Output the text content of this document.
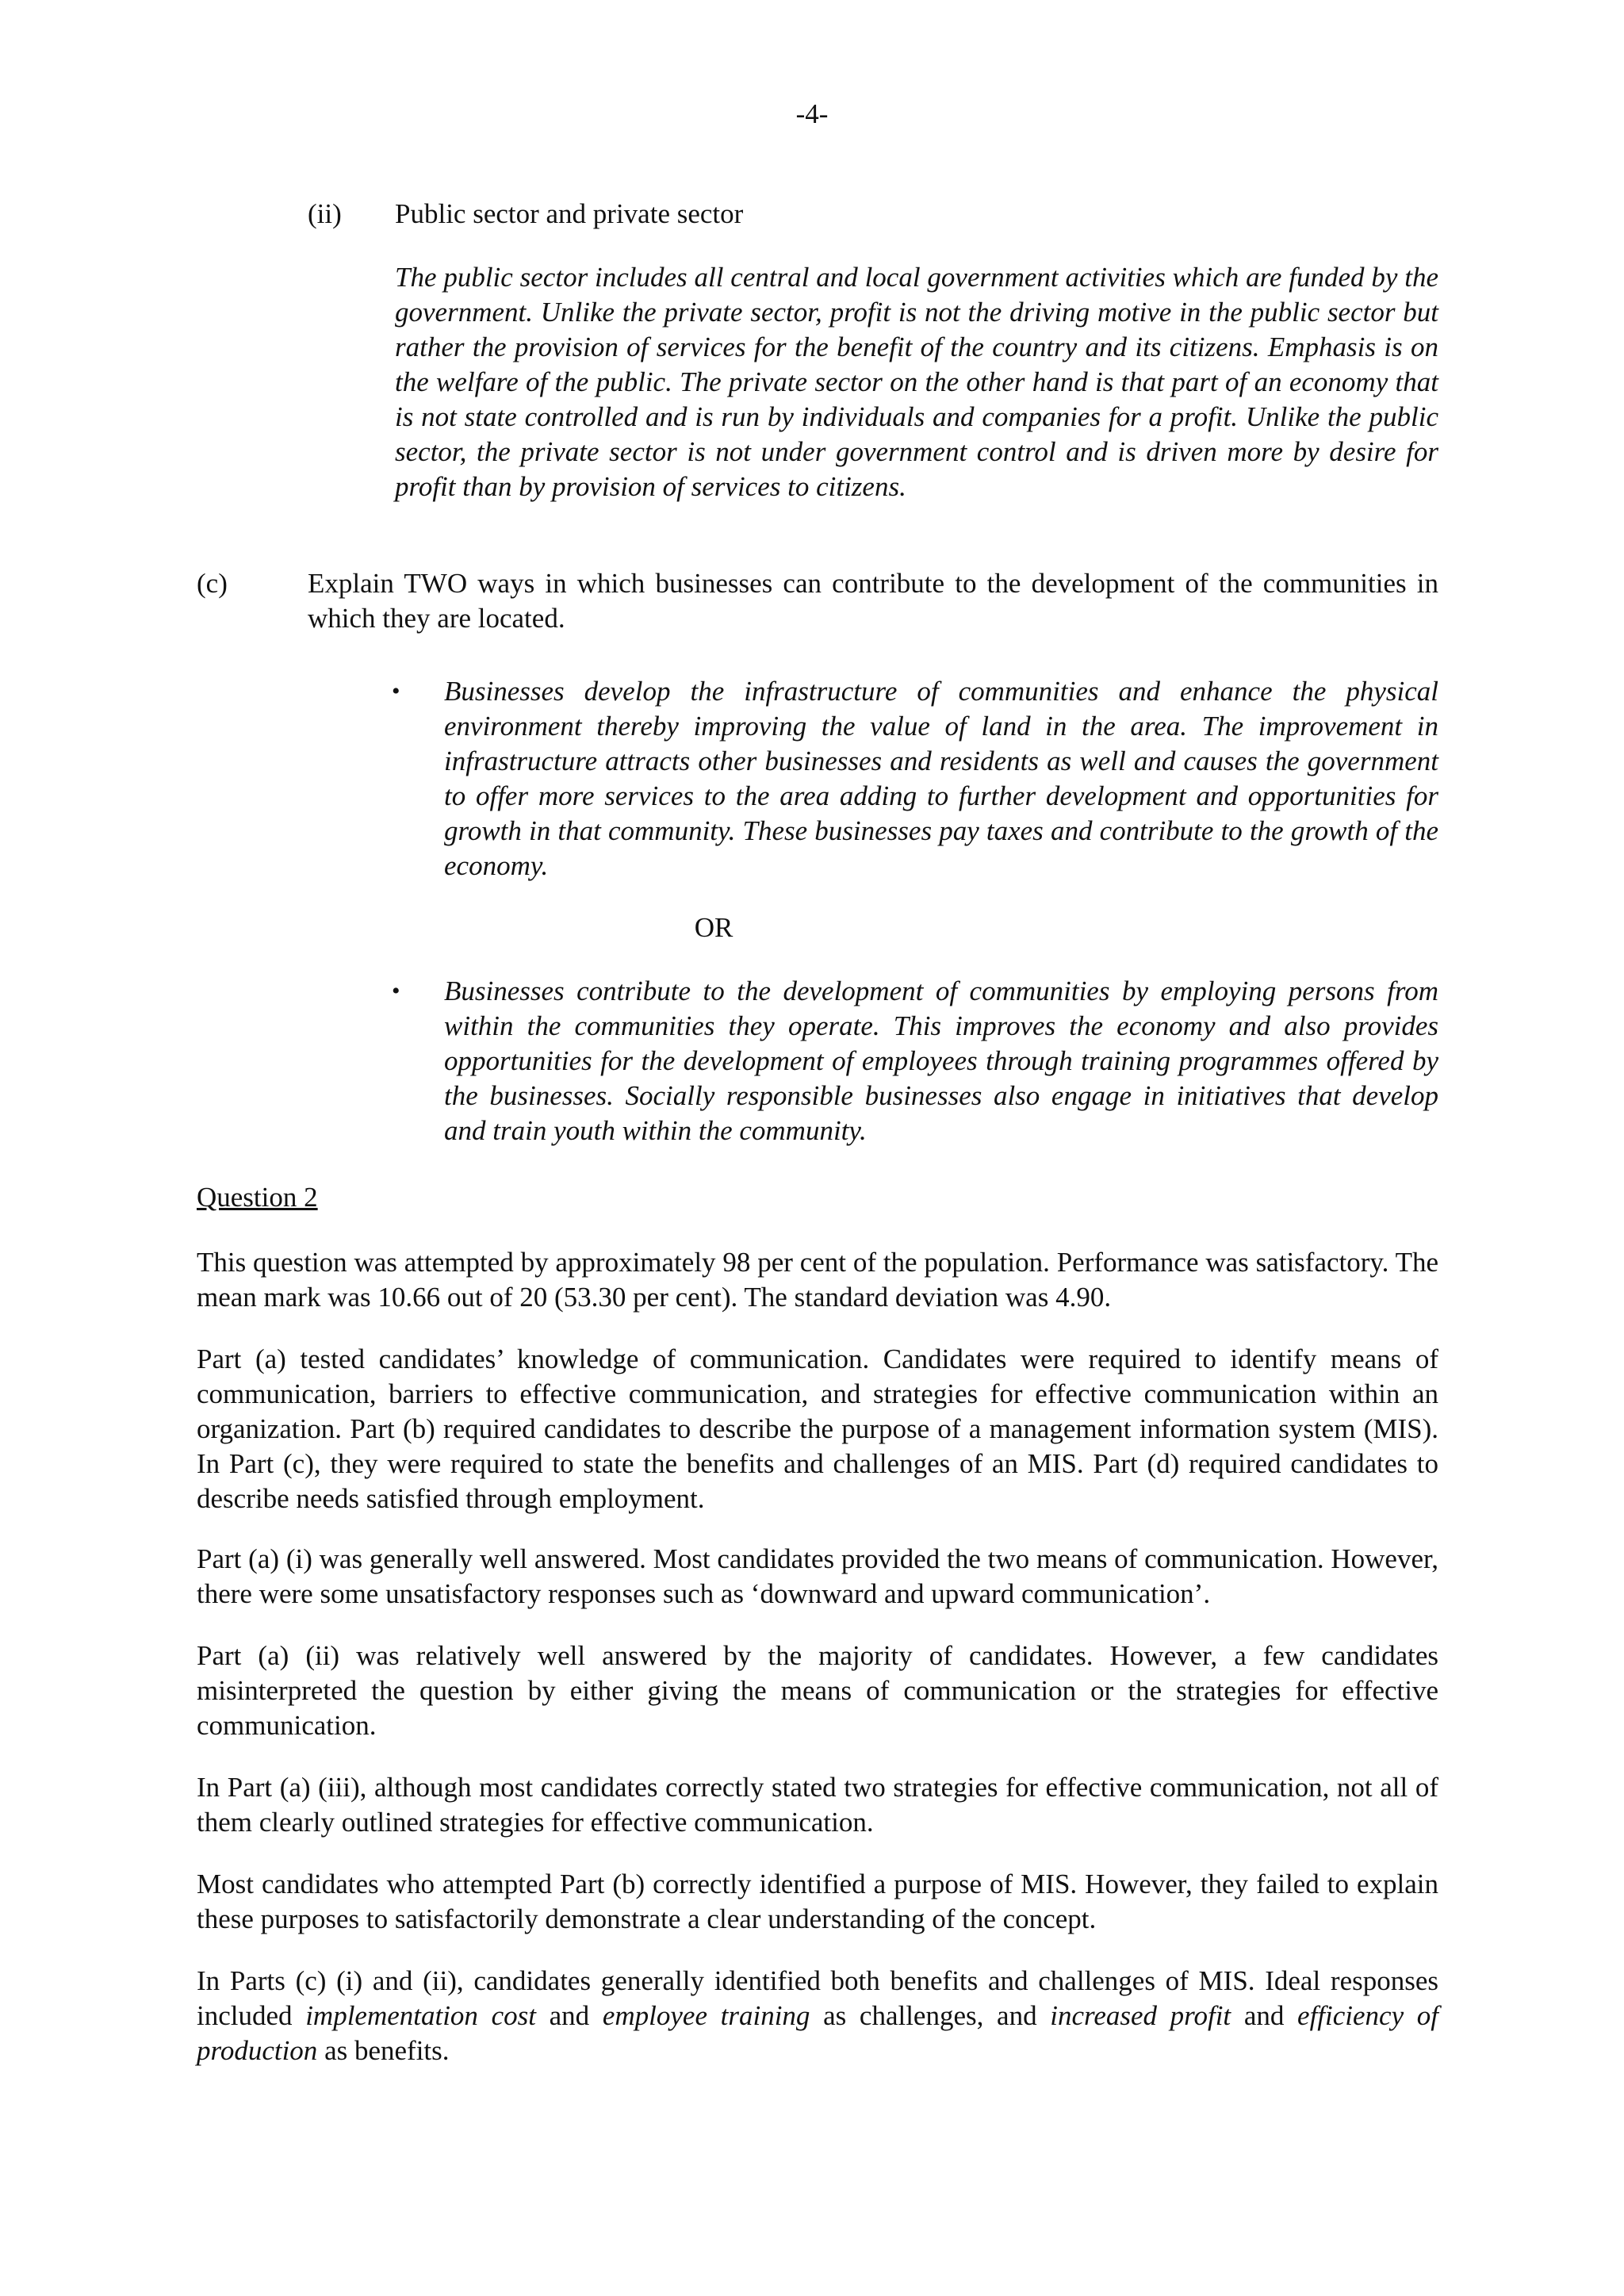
-4-
(ii) Public sector and private sector
The public sector includes all central and local government activities which are funded by the government. Unlike the private sector, profit is not the driving motive in the public sector but rather the provision of services for the benefit of the country and its citizens. Emphasis is on the welfare of the public. The private sector on the other hand is that part of an economy that is not state controlled and is run by individuals and companies for a profit. Unlike the public sector, the private sector is not under government control and is driven more by desire for profit than by provision of services to citizens.
(c)	Explain TWO ways in which businesses can contribute to the development of the communities in which they are located.
• Businesses develop the infrastructure of communities and enhance the physical environment thereby improving the value of land in the area. The improvement in infrastructure attracts other businesses and residents as well and causes the government to offer more services to the area adding to further development and opportunities for growth in that community. These businesses pay taxes and contribute to the growth of the economy.
OR
• Businesses contribute to the development of communities by employing persons from within the communities they operate. This improves the economy and also provides opportunities for the development of employees through training programmes offered by the businesses. Socially responsible businesses also engage in initiatives that develop and train youth within the community.
Question 2
This question was attempted by approximately 98 per cent of the population. Performance was satisfactory. The mean mark was 10.66 out of 20 (53.30 per cent). The standard deviation was 4.90.
Part (a) tested candidates’ knowledge of communication. Candidates were required to identify means of communication, barriers to effective communication, and strategies for effective communication within an organization. Part (b) required candidates to describe the purpose of a management information system (MIS). In Part (c), they were required to state the benefits and challenges of an MIS. Part (d) required candidates to describe needs satisfied through employment.
Part (a) (i) was generally well answered. Most candidates provided the two means of communication. However, there were some unsatisfactory responses such as ‘downward and upward communication’.
Part (a) (ii) was relatively well answered by the majority of candidates. However, a few candidates misinterpreted the question by either giving the means of communication or the strategies for effective communication.
In Part (a) (iii), although most candidates correctly stated two strategies for effective communication, not all of them clearly outlined strategies for effective communication.
Most candidates who attempted Part (b) correctly identified a purpose of MIS. However, they failed to explain these purposes to satisfactorily demonstrate a clear understanding of the concept.
In Parts (c) (i) and (ii), candidates generally identified both benefits and challenges of MIS. Ideal responses included implementation cost and employee training as challenges, and increased profit and efficiency of production as benefits.
